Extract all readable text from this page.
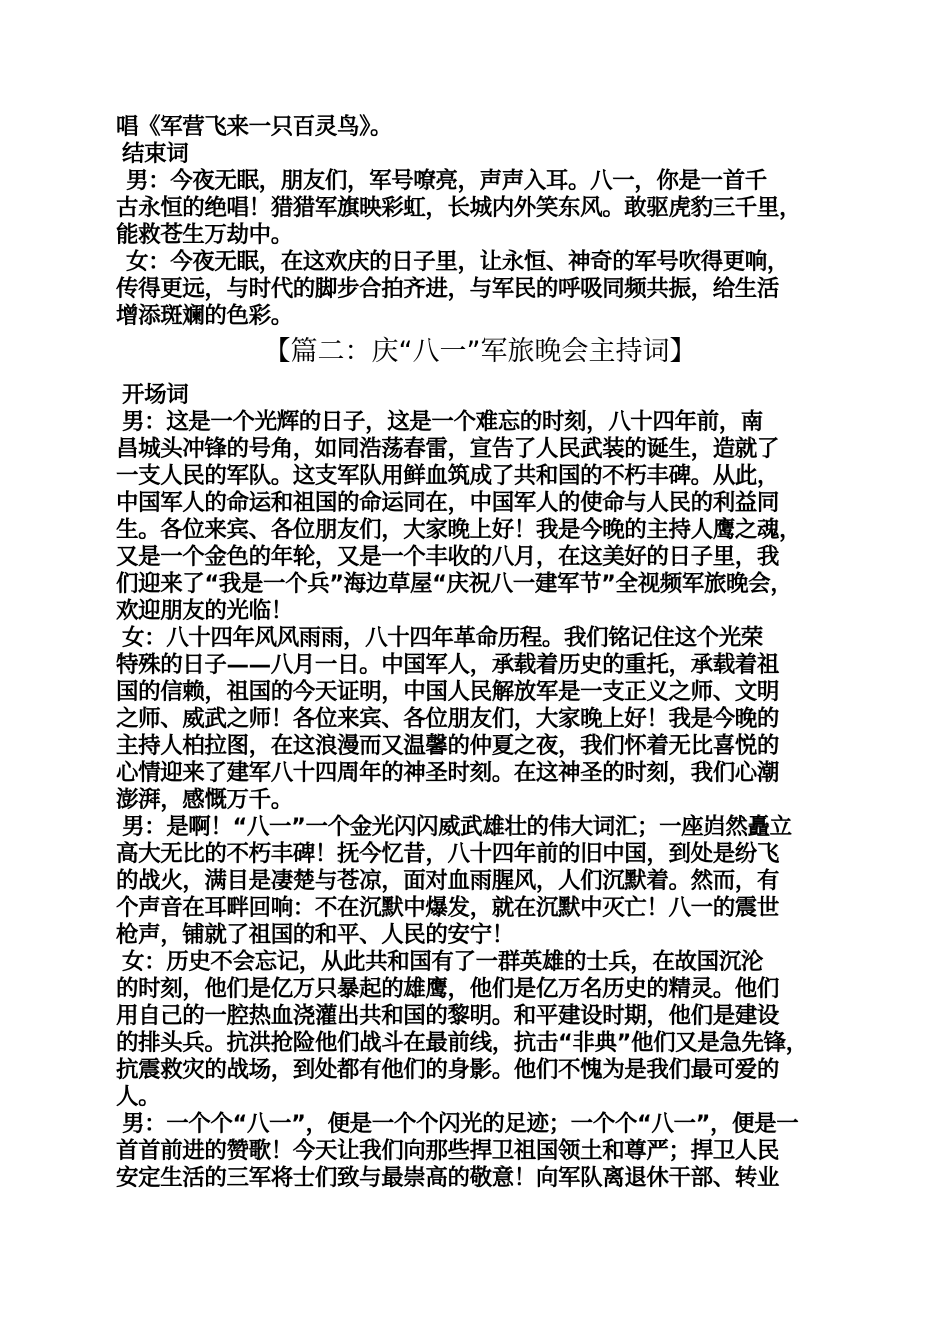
唱《军营飞来一只百灵鸟》。
结束词
男：今夜无眠，朋友们，军号嘹亮，声声入耳。八一，你是一首千
古永恒的绝唱！猎猎军旗映彩虹，长城内外笑东风。敢驱虎豹三千里，
能救苍生万劫中。
女：今夜无眠，在这欢庆的日子里，让永恒、神奇的军号吹得更响，
传得更远，与时代的脚步合拍齐进，与军民的呼吸同频共振，给生活
增添斑斓的色彩。
【篇二：庆“八一”军旅晚会主持词】
开场词
男：这是一个光辉的日子，这是一个难忘的时刻，八十四年前，南
昌城头冲锋的号角，如同浩荡春雷，宣告了人民武装的诞生，造就了
一支人民的军队。这支军队用鲜血筑成了共和国的不朽丰碑。从此，
中国军人的命运和祖国的命运同在，中国军人的使命与人民的利益同
生。各位来宾、各位朋友们，大家晚上好！我是今晚的主持人鹰之魂，
又是一个金色的年轮，又是一个丰收的八月，在这美好的日子里，我
们迎来了“我是一个兵”海边草屋“庆祝八一建军节”全视频军旅晚会，
欢迎朋友的光临！
女：八十四年风风雨雨，八十四年革命历程。我们铭记住这个光荣
特殊的日子——八月一日。中国军人，承载着历史的重托，承载着祖
国的信赖，祖国的今天证明，中国人民解放军是一支正义之师、文明
之师、威武之师！各位来宾、各位朋友们，大家晚上好！我是今晚的
主持人柏拉图，在这浪漫而又温馨的仲夏之夜，我们怀着无比喜悦的
心情迎来了建军八十四周年的神圣时刻。在这神圣的时刻，我们心潮
澎湃，感慨万千。
男：是啊！“八一”一个金光闪闪威武雄壮的伟大词汇；一座岿然矗立
高大无比的不朽丰碑！抚今忆昔，八十四年前的旧中国，到处是纷飞
的战火，满目是凄楚与苍凉，面对血雨腥风，人们沉默着。然而，有
个声音在耳畔回响：不在沉默中爆发，就在沉默中灭亡！八一的震世
枪声，铺就了祖国的和平、人民的安宁！
女：历史不会忘记，从此共和国有了一群英雄的士兵，在故国沉沦
的时刻，他们是亿万只暴起的雄鹰，他们是亿万名历史的精灵。他们
用自己的一腔热血浇灌出共和国的黎明。和平建设时期，他们是建设
的排头兵。抗洪抢险他们战斗在最前线，抗击“非典”他们又是急先锋，
抗震救灾的战场，到处都有他们的身影。他们不愧为是我们最可爱的
人。
男：一个个“八一”，便是一个个闪光的足迹；一个个“八一”，便是一
首首前进的赞歌！今天让我们向那些捍卫祖国领土和尊严；捍卫人民
安定生活的三军将士们致与最崇高的敬意！向军队离退休干部、转业
